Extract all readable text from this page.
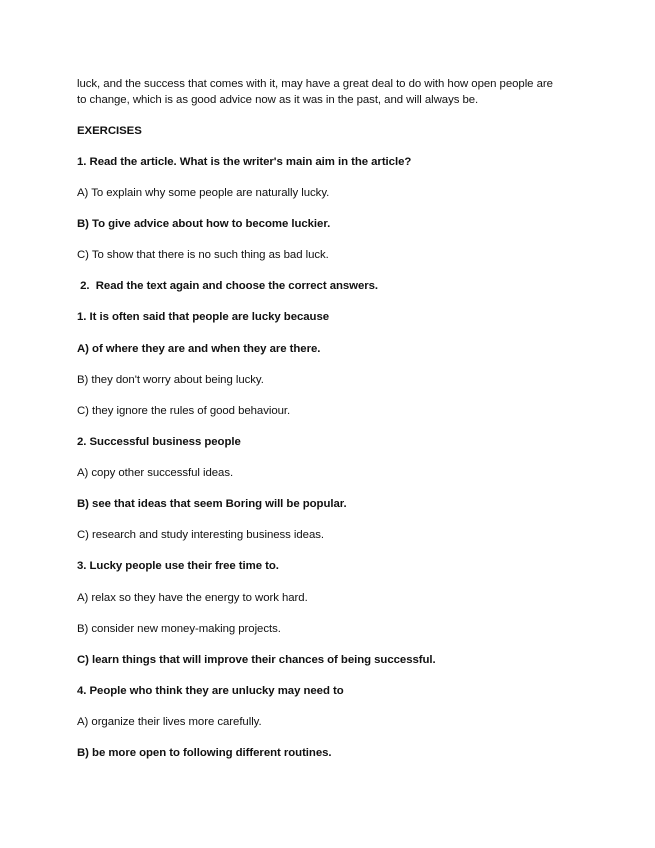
luck, and the success that comes with it, may have a great deal to do with how open people are
to change, which is as good advice now as it was in the past, and will always be.
EXERCISES
1. Read the article. What is the writer's main aim in the article?
A) To explain why some people are naturally lucky.
B) To give advice about how to become luckier.
C) To show that there is no such thing as bad luck.
2.  Read the text again and choose the correct answers.
1. It is often said that people are lucky because
A) of where they are and when they are there.
B) they don't worry about being lucky.
C) they ignore the rules of good behaviour.
2. Successful business people
A) copy other successful ideas.
B) see that ideas that seem Boring will be popular.
C) research and study interesting business ideas.
3. Lucky people use their free time to.
A) relax so they have the energy to work hard.
B) consider new money-making projects.
C) learn things that will improve their chances of being successful.
4. People who think they are unlucky may need to
A) organize their lives more carefully.
B) be more open to following different routines.
